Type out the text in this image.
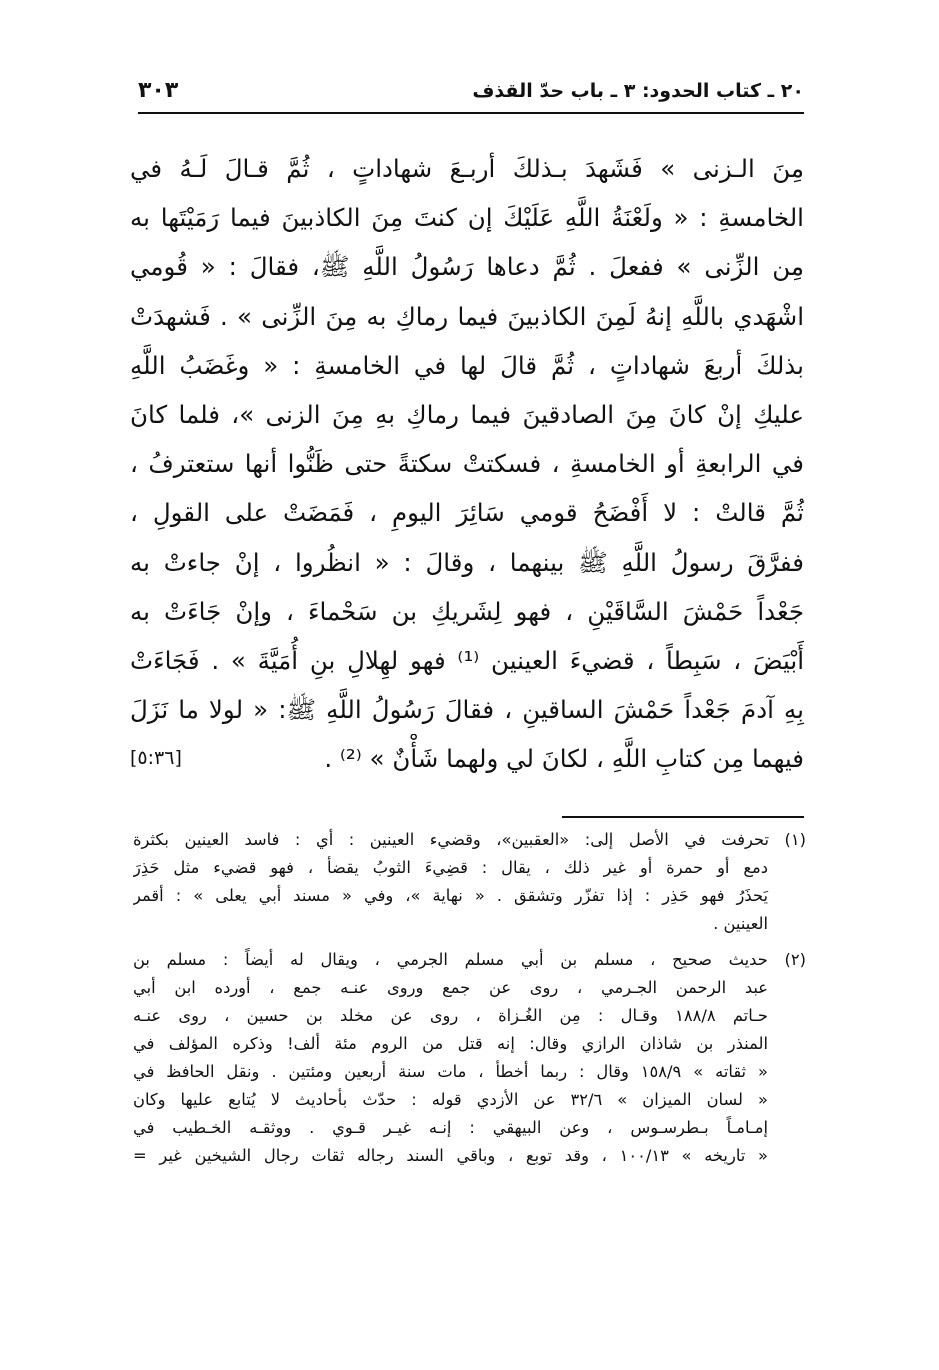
٢٠ ـ كتاب الحدود: ٣ ـ باب حدّ القذف
٣٠٣
مِنَ الـزنى » فَشَهدَ بـذلكَ أربـعَ شهاداتٍ ، ثُمَّ قـالَ لَـهُ في
الخامسةِ : « ولَعْنَةُ اللَّهِ عَلَيْكَ إن كنتَ مِنَ الكاذبينَ فيما رَمَيْتَها به
مِن الزِّنى » ففعلَ . ثُمَّ دعاها رَسُولُ اللَّهِ ﷺ، فقالَ : « قُومي
اشْهَدي باللَّهِ إنهُ لَمِنَ الكاذبينَ فيما رماكِ به مِنَ الزِّنى » . فَشهدَتْ
بذلكَ أربعَ شهاداتٍ ، ثُمَّ قالَ لها في الخامسةِ : « وغَضَبُ اللَّهِ
عليكِ إنْ كانَ مِنَ الصادقينَ فيما رماكِ بهِ مِنَ الزنى »، فلما كانَ
في الرابعةِ أو الخامسةِ ، فسكتتْ سكتةً حتى ظَنُّوا أنها ستعترفُ ،
ثُمَّ قالتْ : لا أَفْضَحُ قومي سَائِرَ اليومِ ، فَمَضَتْ على القولِ ،
ففرَّقَ رسولُ اللَّهِ ﷺ بينهما ، وقالَ : « انظُروا ، إنْ جاءتْ به
جَعْداً حَمْشَ السَّاقَيْنِ ، فهو لِشَريكِ بن سَحْماءَ ، وإنْ جَاءَتْ به
أَبْيَضَ ، سَبِطاً ، قضيءَ العينين ⁽¹⁾ فهو لهِلالِ بنِ أُمَيَّةَ » . فَجَاءَتْ
بِهِ آدمَ جَعْداً حَمْشَ الساقينِ ، فقالَ رَسُولُ اللَّهِ ﷺ: « لولا ما نَزَلَ
فيهما مِن كتابِ اللَّهِ ، لكانَ لي ولهما شَأْنٌ » ⁽²⁾ .
[٥:٣٦]
(١) تحرفت في الأصل إلى: «العقبين»، وقضيء العينين : أي : فاسد العينين بكثرة
دمع أو حمرة أو غير ذلك ، يقال : قضِيءَ الثوبُ يقضأ ، فهو قضيء مثل حَذِرَ
يَحذَرُ فهو حَذِر : إذا تفزّر وتشقق . « نهاية »، وفي « مسند أبي يعلى » : أقمر
العينين .
(٢) حديث صحيح ، مسلم بن أبي مسلم الجرمي ، ويقال له أيضاً : مسلم بن
عبد الرحمن الجـرمي ، روى عن جمع وروى عنـه جمع ، أورده ابن أبي
حـاتم ١٨٨/٨ وقـال : مِن الغُـزاة ، روى عن مخلد بن حسين ، روى عنـه
المنذر بن شاذان الرازي وقال: إنه قتل من الروم مئة ألف! وذكره المؤلف في
« ثقاته » ١٥٨/٩ وقال : ربما أخطأ ، مات سنة أربعين ومئتين . ونقل الحافظ في
« لسان الميزان » ٣٢/٦ عن الأزدي قوله : حدّث بأحاديث لا يُتابع عليها وكان
إمـامـاً بـطرسـوس ، وعن البيهقي : إنـه غيـر قـوي . ووثقـه الخـطيب في
« تاريخه » ١٠٠/١٣ ، وقد توبع ، وباقي السند رجاله ثقات رجال الشيخين غير =
